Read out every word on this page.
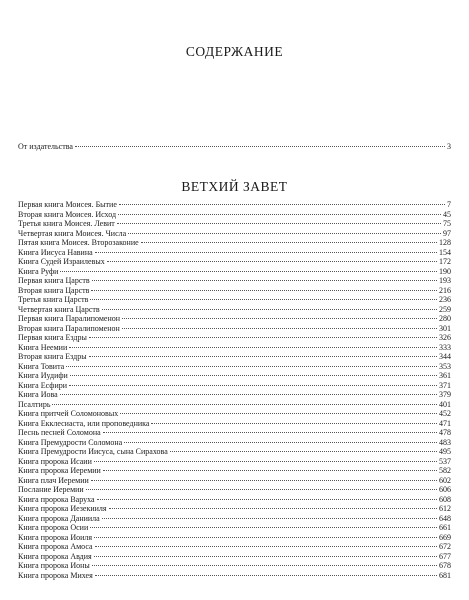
СОДЕРЖАНИЕ
От издательства	3
ВЕТХИЙ ЗАВЕТ
Первая книга Моисея. Бытие	7
Вторая книга Моисея. Исход	45
Третья книга Моисея. Левит	75
Четвертая книга Моисея. Числа	97
Пятая книга Моисея. Второзаконие	128
Книга Иисуса Навина	154
Книга Судей Израилевых	172
Книга Руфи	190
Первая книга Царств	193
Вторая книга Царств	216
Третья книга Царств	236
Четвертая книга Царств	259
Первая книга Паралипоменон	280
Вторая книга Паралипоменон	301
Первая книга Ездры	326
Книга Неемии	333
Вторая книга Ездры	344
Книга Товита	353
Книга Иудифи	361
Книга Есфири	371
Книга Иова	379
Псалтирь	401
Книга притчей Соломоновых	452
Книга Екклесиаста, или проповедника	471
Песнь песней Соломона	478
Книга Премудрости Соломона	483
Книга Премудрости Иисуса, сына Сирахова	495
Книга пророка Исаии	537
Книга пророка Иеремии	582
Книга плач Иеремии	602
Послание Иеремии	606
Книга пророка Варуха	608
Книга пророка Иезекииля	612
Книга пророка Даниила	648
Книга пророка Осии	661
Книга пророка Иоиля	669
Книга пророка Амоса	672
Книга пророка Авдия	677
Книга пророка Ионы	678
Книга пророка Михея	681
